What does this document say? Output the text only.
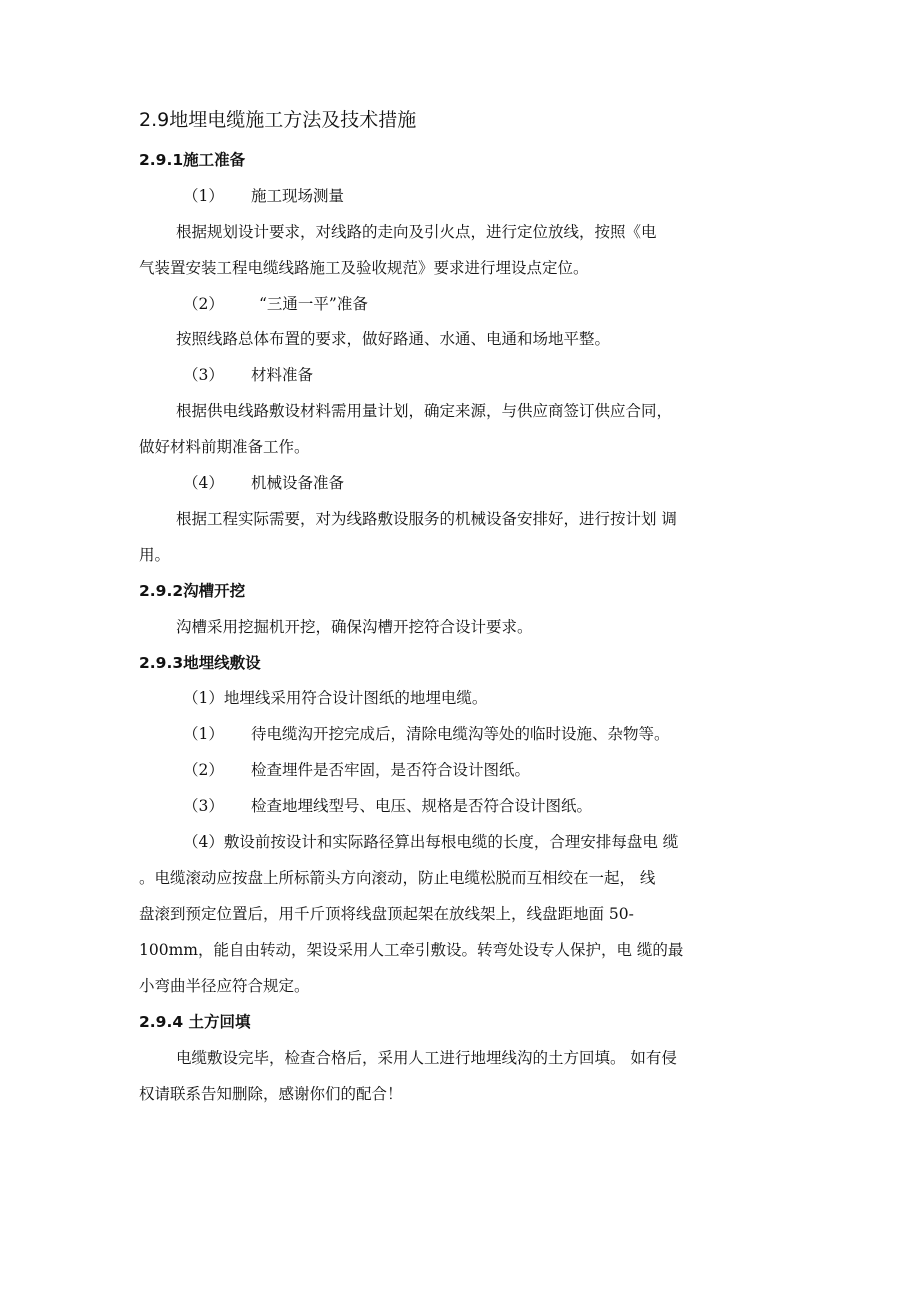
2.9地埋电缆施工方法及技术措施
2.9.1施工准备
（1） 施工现场测量
根据规划设计要求，对线路的走向及引火点，进行定位放线，按照《电
气装置安装工程电缆线路施工及验收规范》要求进行埋设点定位。
（2） “三通一平”准备
按照线路总体布置的要求，做好路通、水通、电通和场地平整。
（3） 材料准备
根据供电线路敷设材料需用量计划，确定来源，与供应商签订供应合同，
做好材料前期准备工作。
（4） 机械设备准备
根据工程实际需要，对为线路敷设服务的机械设备安排好，进行按计划 调
用。
2.9.2沟槽开挖
沟槽采用挖掘机开挖，确保沟槽开挖符合设计要求。
2.9.3地埋线敷设
（1）地埋线采用符合设计图纸的地埋电缆。
（1） 待电缆沟开挖完成后，清除电缆沟等处的临时设施、杂物等。
（2） 检查埋件是否牢固，是否符合设计图纸。
（3） 检查地埋线型号、电压、规格是否符合设计图纸。
（4）敷设前按设计和实际路径算出每根电缆的长度，合理安排每盘电 缆
。电缆滚动应按盘上所标箭头方向滚动，防止电缆松脱而互相绞在一起， 线
盘滚到预定位置后，用千斤顶将线盘顶起架在放线架上，线盘距地面 50-
100mm，能自由转动，架设采用人工牵引敷设。转弯处设专人保护，电 缆的最
小弯曲半径应符合规定。
2.9.4 土方回填
电缆敷设完毕，检查合格后，采用人工进行地埋线沟的土方回填。 如有侵
权请联系告知删除，感谢你们的配合！
